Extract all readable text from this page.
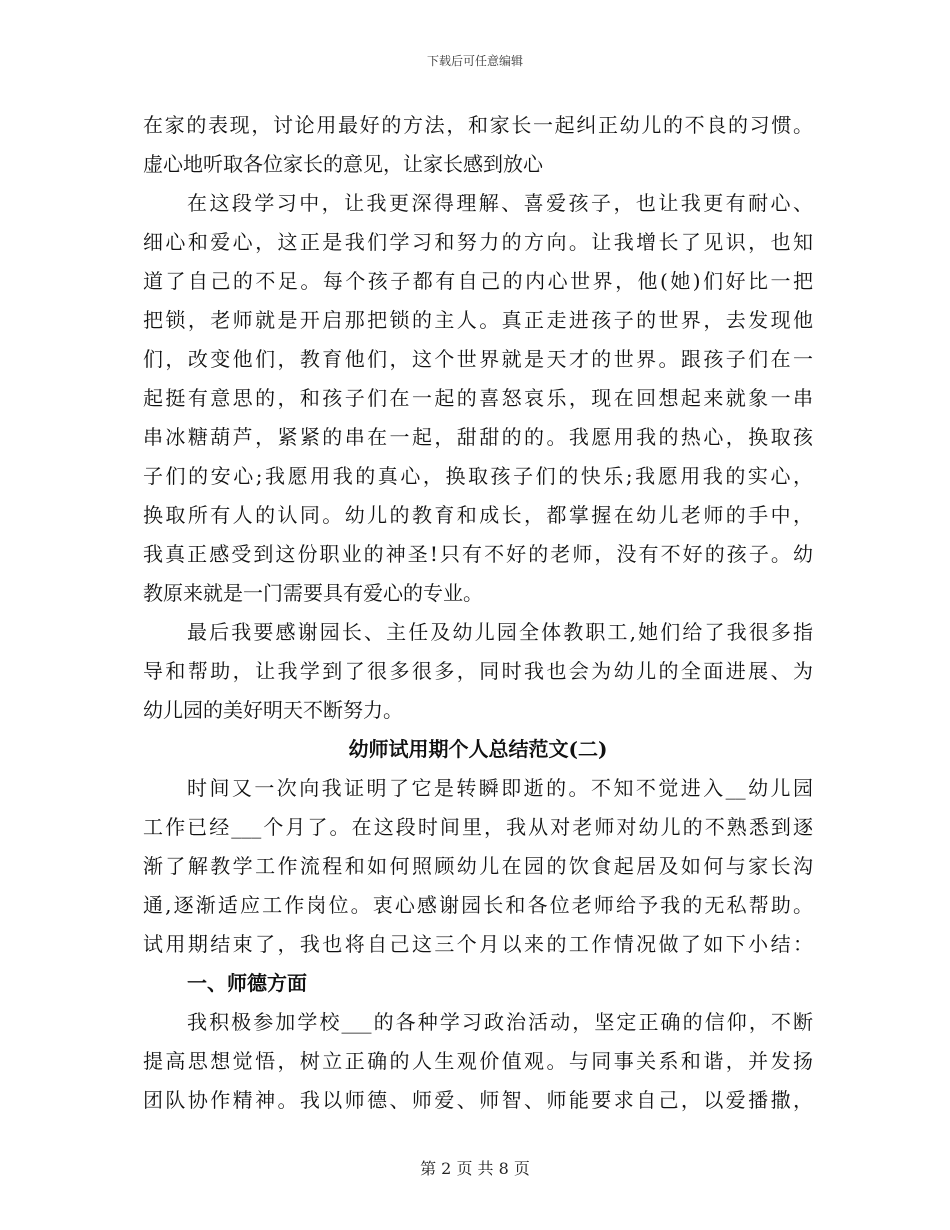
下载后可任意编辑
在家的表现，讨论用最好的方法，和家长一起纠正幼儿的不良的习惯。
虚心地听取各位家长的意见，让家长感到放心
在这段学习中，让我更深得理解、喜爱孩子，也让我更有耐心、
细心和爱心，这正是我们学习和努力的方向。让我增长了见识，也知
道了自己的不足。每个孩子都有自己的内心世界，他(她)们好比一把
把锁，老师就是开启那把锁的主人。真正走进孩子的世界，去发现他
们，改变他们，教育他们，这个世界就是天才的世界。跟孩子们在一
起挺有意思的，和孩子们在一起的喜怒哀乐，现在回想起来就象一串
串冰糖葫芦，紧紧的串在一起，甜甜的的。我愿用我的热心，换取孩
子们的安心;我愿用我的真心，换取孩子们的快乐;我愿用我的实心，
换取所有人的认同。幼儿的教育和成长，都掌握在幼儿老师的手中，
我真正感受到这份职业的神圣!只有不好的老师，没有不好的孩子。幼
教原来就是一门需要具有爱心的专业。
最后我要感谢园长、主任及幼儿园全体教职工,她们给了我很多指
导和帮助，让我学到了很多很多，同时我也会为幼儿的全面进展、为
幼儿园的美好明天不断努力。
幼师试用期个人总结范文(二)
时间又一次向我证明了它是转瞬即逝的。不知不觉进入__幼儿园
工作已经___个月了。在这段时间里，我从对老师对幼儿的不熟悉到逐
渐了解教学工作流程和如何照顾幼儿在园的饮食起居及如何与家长沟
通,逐渐适应工作岗位。衷心感谢园长和各位老师给予我的无私帮助。
试用期结束了，我也将自己这三个月以来的工作情况做了如下小结：
一、师德方面
我积极参加学校___的各种学习政治活动，坚定正确的信仰，不断
提高思想觉悟，树立正确的人生观价值观。与同事关系和谐，并发扬
团队协作精神。我以师德、师爱、师智、师能要求自己，以爱播撒，
第 2 页 共 8 页
